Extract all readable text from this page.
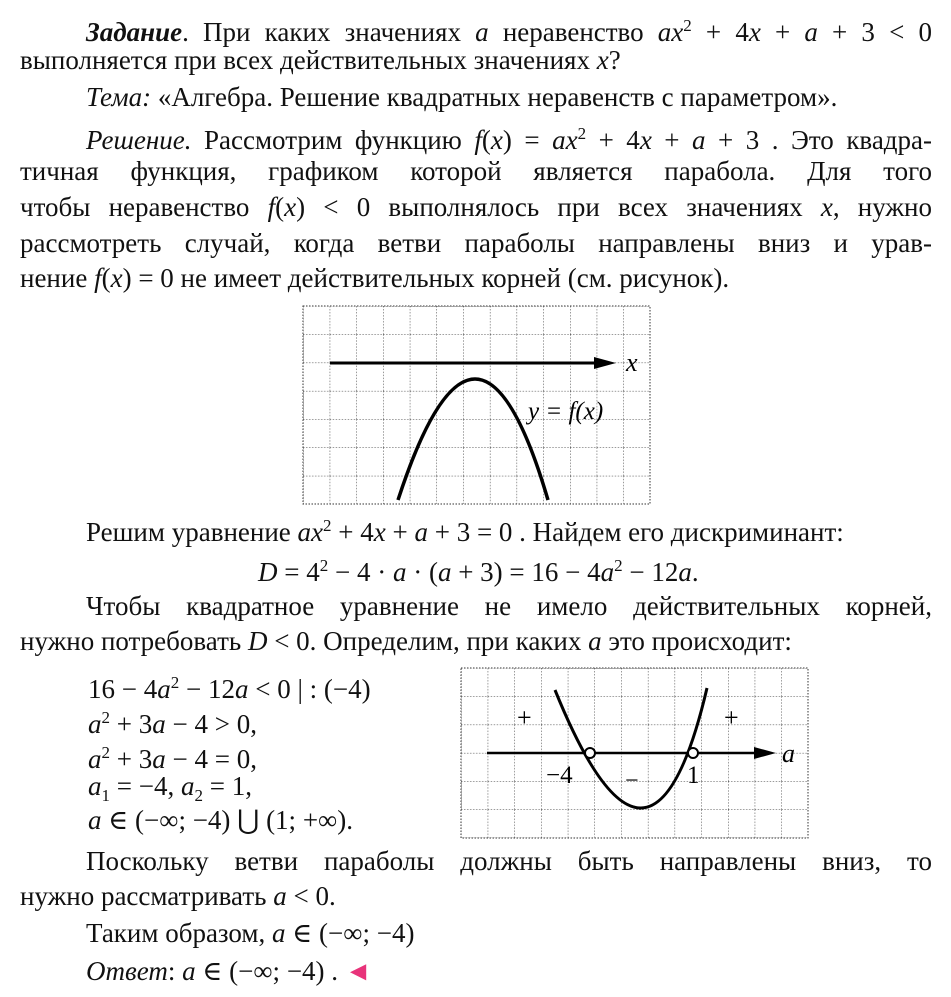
Задание. При каких значениях a неравенство $ax^2 + 4x + a + 3 < 0$
выполняется при всех действительных значениях x?
Тема: «Алгебра. Решение квадратных неравенств с параметром».
Решение. Рассмотрим функцию $f(x) = ax^2 + 4x + a + 3$ . Это квадра-
тичная функция, графиком которой является парабола. Для того
чтобы неравенство f(x) < 0 выполнялось при всех значениях x, нужно
рассмотреть случай, когда ветви параболы направлены вниз и урав-
нение f(x) = 0 не имеет действительных корней (см. рисунок).
x
y = f(x)
a
−4	1
+
−
+
Решим уравнение $ax^2 + 4x + a + 3 = 0$ . Найдем его дискриминант:
$D = 4^2 - 4 \cdot a \cdot (a + 3) = 16 - 4a^2 - 12a$.
Чтобы квадратное уравнение не имело действительных корней,
нужно потребовать D < 0. Определим, при каких a это происходит:
$16 - 4a^2 - 12a < 0$ | : (−4)
$a^2 + 3a - 4 > 0$,
$a^2 + 3a - 4 = 0$,
$a_1 = -4$, $a_2 = 1$,
a ∈ (−∞; −4) ⋃ (1; +∞).
Поскольку ветви параболы должны быть направлены вниз, то
нужно рассматривать a < 0.
Таким образом, a ∈ (−∞; −4)
Ответ: a ∈ (−∞; −4) . ◄
